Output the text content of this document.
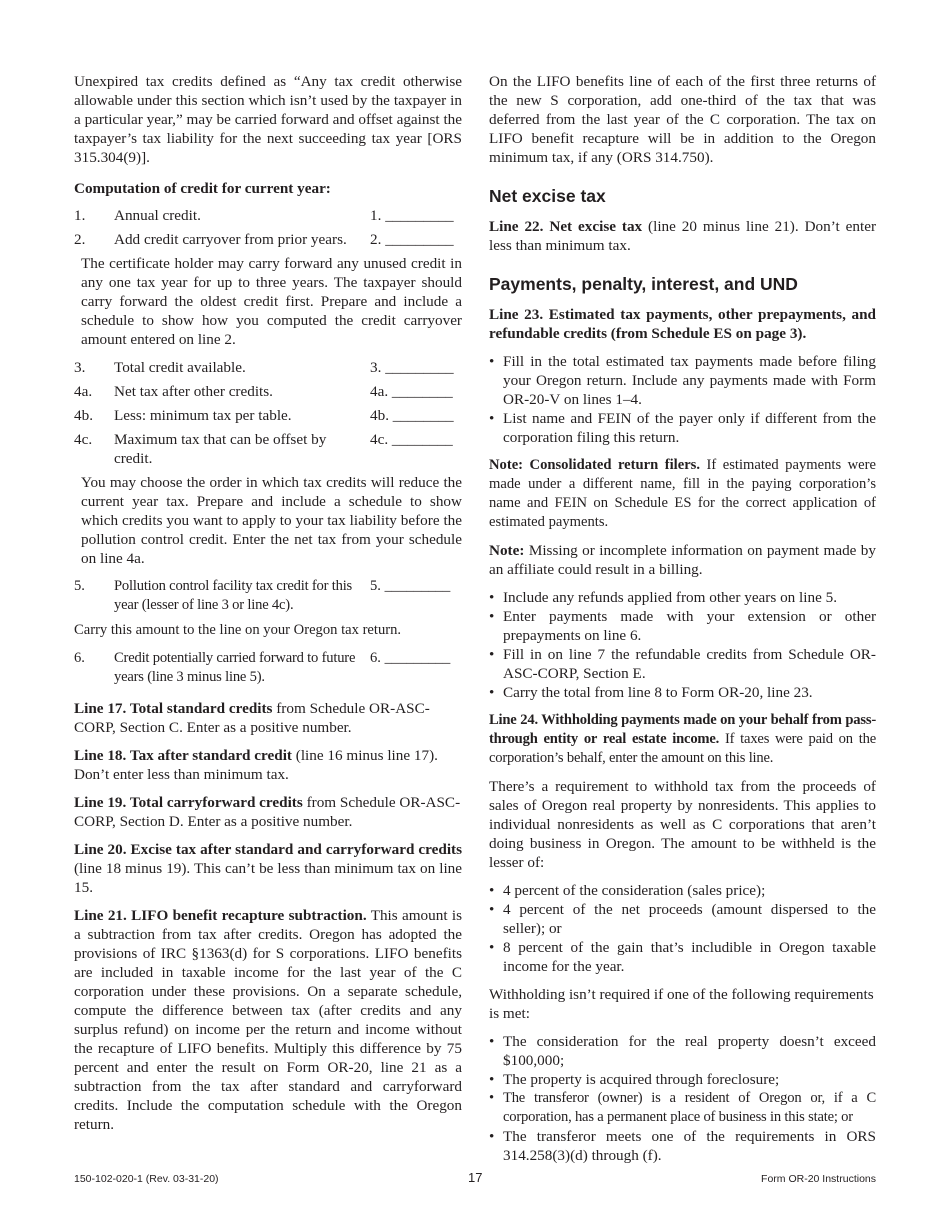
Unexpired tax credits defined as “Any tax credit otherwise allowable under this section which isn’t used by the taxpayer in a particular year,” may be carried forward and offset against the taxpayer’s tax liability for the next succeeding tax year [ORS 315.304(9)].

Computation of credit for current year:

1.	Annual credit.	1. _________
2.	Add credit carryover from prior years.	2. _________

The certificate holder may carry forward any unused credit in any one tax year for up to three years. The taxpayer should carry forward the oldest credit first. Prepare and include a schedule to show how you computed the credit carryover amount entered on line 2.

3.	Total credit available.	3. _________
4a.	Net tax after other credits.	4a. ________
4b.	Less: minimum tax per table.	4b. ________
4c.	Maximum tax that can be offset by credit.
4c. ________

You may choose the order in which tax credits will reduce the current year tax. Prepare and include a schedule to show which credits you want to apply to your tax liability before the pollution control credit. Enter the net tax from your schedule on line 4a.

5.	Pollution control facility tax credit for this year (lesser of line 3 or line 4c).
5. _________

Carry this amount to the line on your Oregon tax return.

6.	Credit potentially carried forward to future years (line 3 minus line 5).
6. _________

Line 17. Total standard credits from Schedule OR-ASC-CORP, Section C. Enter as a positive number.

Line 18. Tax after standard credit (line 16 minus line 17). Don’t enter less than minimum tax.

Line 19. Total carryforward credits from Schedule OR-ASC-CORP, Section D. Enter as a positive number.

Line 20. Excise tax after standard and carryforward credits (line 18 minus 19). This can’t be less than minimum tax on line 15.

Line 21. LIFO benefit recapture subtraction. This amount is a subtraction from tax after credits. Oregon has adopted the provisions of IRC §1363(d) for S corporations. LIFO benefits are included in taxable income for the last year of the C corporation under these provisions. On a separate schedule, compute the difference between tax (after credits and any surplus refund) on income per the return and income without the recapture of LIFO benefits. Multiply this difference by 75 percent and enter the result on Form OR-20, line 21 as a subtraction from the tax after standard and carryforward credits. Include the computation schedule with the Oregon return.

On the LIFO benefits line of each of the first three returns of the new S corporation, add one-third of the tax that was deferred from the last year of the C corporation. The tax on LIFO benefit recapture will be in addition to the Oregon minimum tax, if any (ORS 314.750).

Net excise tax

Line 22. Net excise tax (line 20 minus line 21). Don’t enter less than minimum tax.

Payments, penalty, interest, and UND

Line 23. Estimated tax payments, other prepayments, and refundable credits (from Schedule ES on page 3).

• Fill in the total estimated tax payments made before filing your Oregon return. Include any payments made with Form OR-20-V on lines 1–4.
• List name and FEIN of the payer only if different from the corporation filing this return.

Note: Consolidated return filers. If estimated payments were made under a different name, fill in the paying corporation’s name and FEIN on Schedule ES for the correct application of estimated payments.

Note: Missing or incomplete information on payment made by an affiliate could result in a billing.

• Include any refunds applied from other years on line 5.
• Enter payments made with your extension or other prepayments on line 6.
• Fill in on line 7 the refundable credits from Schedule OR-ASC-CORP, Section E.
• Carry the total from line 8 to Form OR-20, line 23.

Line 24. Withholding payments made on your behalf from pass-through entity or real estate income. If taxes were paid on the corporation’s behalf, enter the amount on this line.

There’s a requirement to withhold tax from the proceeds of sales of Oregon real property by nonresidents. This applies to individual nonresidents as well as C corporations that aren’t doing business in Oregon. The amount to be withheld is the lesser of:

• 4 percent of the consideration (sales price);
• 4 percent of the net proceeds (amount dispersed to the seller); or
• 8 percent of the gain that’s includible in Oregon taxable income for the year.

Withholding isn’t required if one of the following requirements is met:

• The consideration for the real property doesn’t exceed $100,000;
• The property is acquired through foreclosure;
• The transferor (owner) is a resident of Oregon or, if a C corporation, has a permanent place of business in this state; or
• The transferor meets one of the requirements in ORS 314.258(3)(d) through (f).
150-102-020-1 (Rev. 03-31-20)	17	Form OR-20 Instructions
